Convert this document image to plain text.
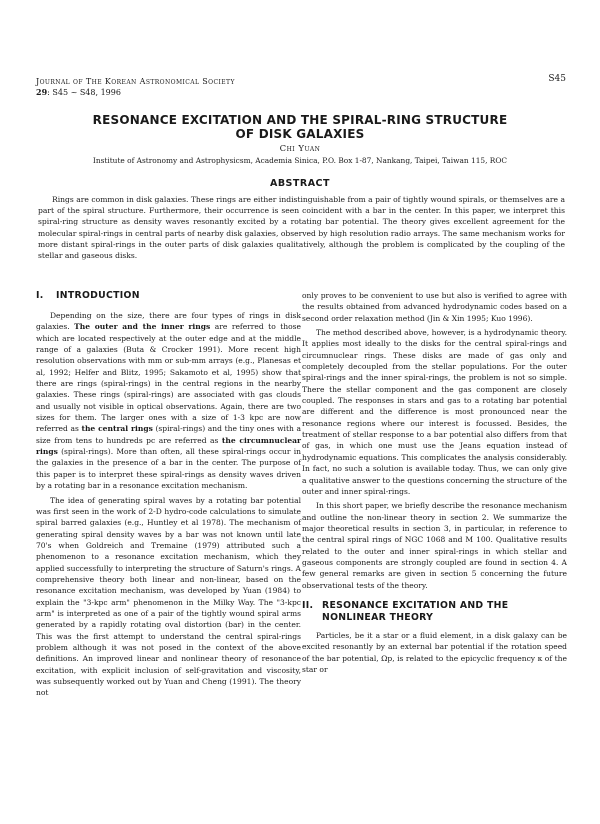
Journal of The Korean Astronomical Society
29: S45 ~ S48, 1996
S45
RESONANCE EXCITATION AND THE SPIRAL-RING STRUCTURE
OF DISK GALAXIES
Chi Yuan
Institute of Astronomy and Astrophysicsm, Academia Sinica, P.O. Box 1-87, Nankang, Taipei, Taiwan 115, ROC
ABSTRACT
Rings are common in disk galaxies. These rings are either indistinguishable from a pair of tightly wound spirals, or themselves are a part of the spiral structure. Furthermore, their occurrence is seen coincident with a bar in the center. In this paper, we interpret this spiral-ring structure as density waves resonantly excited by a rotating bar potential. The theory gives excellent agreement for the molecular spiral-rings in central parts of nearby disk galaxies, observed by high resolution radio arrays. The same mechanism works for more distant spiral-rings in the outer parts of disk galaxies qualitatively, although the problem is complicated by the coupling of the stellar and gaseous disks.
I. INTRODUCTION

Depending on the size, there are four types of rings in disk galaxies. The outer and the inner rings are referred to those which are located respectively at the outer edge and at the middle range of a galaxies (Buta & Crocker 1991). More recent high resolution observations with mm or sub-mm arrays (e.g., Planesas et al, 1992; Helfer and Blitz, 1995; Sakamoto et al, 1995) show that there are rings (spiral-rings) in the central regions in the nearby galaxies. These rings (spiral-rings) are associated with gas clouds and usually not visible in optical observations. Again, there are two sizes for them. The larger ones with a size of 1-3 kpc are now referred as the central rings (spiral-rings) and the tiny ones with a size from tens to hundreds pc are referred as the circumnuclear rings (spiral-rings). More than often, all these spiral-rings occur in the galaxies in the presence of a bar in the center. The purpose of this paper is to interpret these spiral-rings as density waves driven by a rotating bar in a resonance excitation mechanism.

The idea of generating spiral waves by a rotating bar potential was first seen in the work of 2-D hydro-code calculations to simulate spiral barred galaxies (e.g., Huntley et al 1978). The mechanism of generating spiral density waves by a bar was not known until late 70's when Goldreich and Tremaine (1979) attributed such a phenomenon to a resonance excitation mechanism, which they applied successfully to interpreting the structure of Saturn's rings. A comprehensive theory both linear and non-linear, based on the resonance excitation mechanism, was developed by Yuan (1984) to explain the "3-kpc arm" phenomenon in the Milky Way. The "3-kpc arm" is interpreted as one of a pair of the tightly wound spiral arms generated by a rapidly rotating oval distortion (bar) in the center. This was the first attempt to understand the central spiral-rings problem although it was not posed in the context of the above definitions. An improved linear and nonlinear theory of resonance excitation, with explicit inclusion of self-gravitation and viscosity, was subsequently worked out by Yuan and Cheng (1991). The theory not

only proves to be convenient to use but also is verified to agree with the results obtained from advanced hydrodynamic codes based on a second order relaxation method (Jin & Xin 1995; Kuo 1996).

The method described above, however, is a hydrodynamic theory. It applies most ideally to the disks for the central spiral-rings and circumnuclear rings. These disks are made of gas only and completely decoupled from the stellar populations. For the outer spiral-rings and the inner spiral-rings, the problem is not so simple. There the stellar component and the gas component are closely coupled. The responses in stars and gas to a rotating bar potential are different and the difference is most pronounced near the resonance regions where our interest is focussed. Besides, the treatment of stellar response to a bar potential also differs from that of gas, in which one must use the Jeans equation instead of hydrodynamic equations. This complicates the analysis considerably. In fact, no such a solution is available today. Thus, we can only give a qualitative answer to the questions concerning the structure of the outer and inner spiral-rings.

In this short paper, we briefly describe the resonance mechanism and outline the non-linear theory in section 2. We summarize the major theoretical results in section 3, in particular, in reference to the central spiral rings of NGC 1068 and M 100. Qualitative results related to the outer and inner spiral-rings in which stellar and gaseous components are strongly coupled are found in section 4. A few general remarks are given in section 5 concerning the future observational tests of the theory.

II. RESONANCE EXCITATION AND THE
NONLINEAR THEORY

Particles, be it a star or a fluid element, in a disk galaxy can be excited resonantly by an external bar potential if the rotation speed of the bar potential, Ωp, is related to the epicyclic frequency κ of the star or
